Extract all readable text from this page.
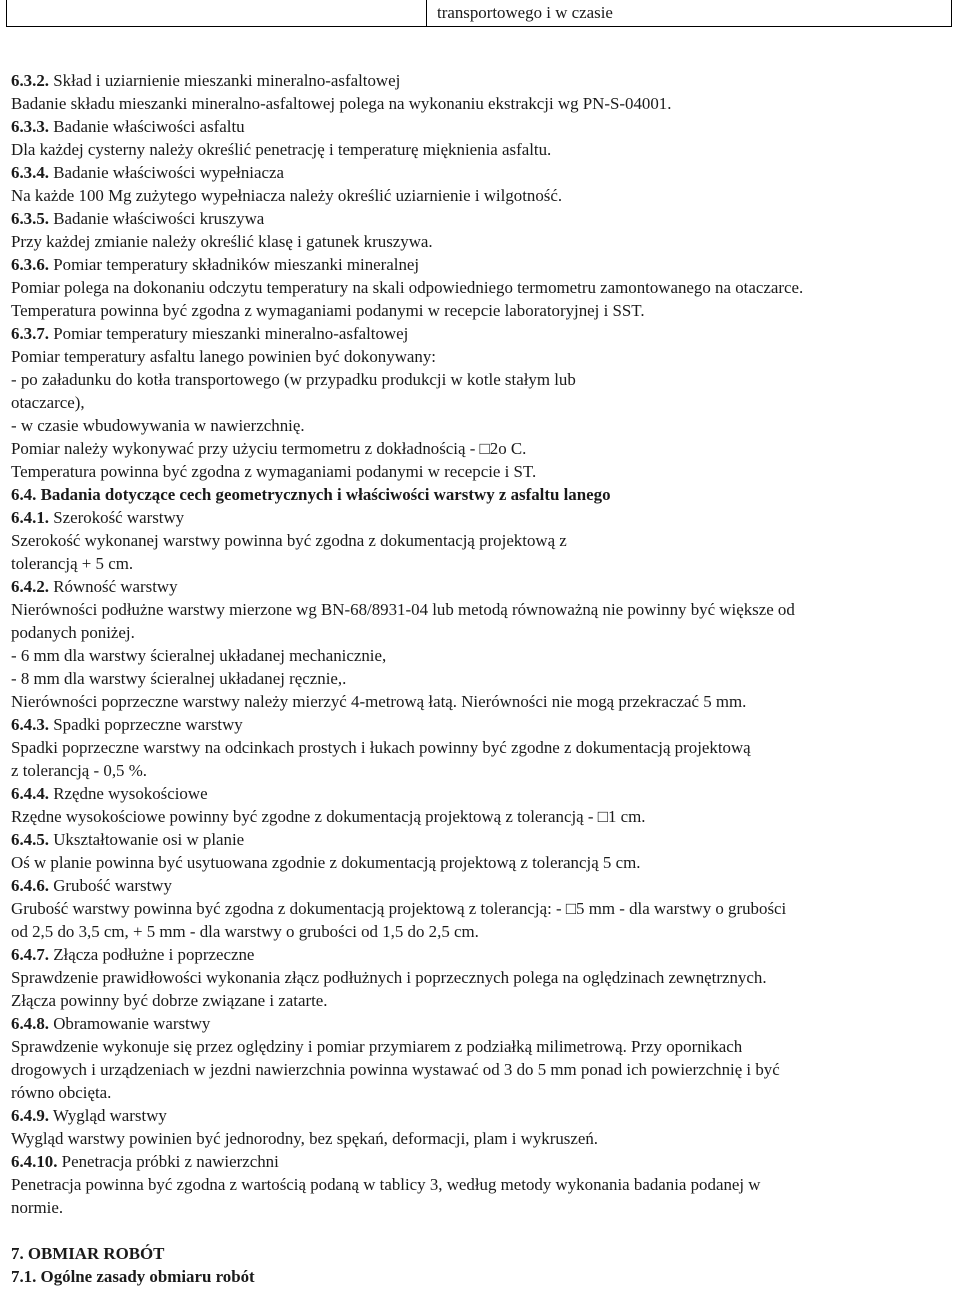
transportowego i w czasie
6.3.2. Skład i uziarnienie mieszanki mineralno-asfaltowej
Badanie składu mieszanki mineralno-asfaltowej polega na wykonaniu ekstrakcji wg PN-S-04001.
6.3.3. Badanie właściwości asfaltu
Dla każdej cysterny należy określić penetrację i temperaturę mięknienia asfaltu.
6.3.4. Badanie właściwości wypełniacza
Na każde 100 Mg zużytego wypełniacza należy określić uziarnienie i wilgotność.
6.3.5. Badanie właściwości kruszywa
Przy każdej zmianie należy określić klasę i gatunek kruszywa.
6.3.6. Pomiar temperatury składników mieszanki mineralnej
Pomiar polega na dokonaniu odczytu temperatury na skali odpowiedniego termometru zamontowanego na otaczarce.
Temperatura powinna być zgodna z wymaganiami podanymi w recepcie laboratoryjnej i SST.
6.3.7. Pomiar temperatury mieszanki mineralno-asfaltowej
Pomiar temperatury asfaltu lanego powinien być dokonywany:
- po załadunku do kotła transportowego (w przypadku produkcji w kotle stałym lub
otaczarce),
- w czasie wbudowywania w nawierzchnię.
Pomiar należy wykonywać przy użyciu termometru z dokładnością - □2o C.
Temperatura powinna być zgodna z wymaganiami podanymi w recepcie i ST.
6.4. Badania dotyczące cech geometrycznych i właściwości warstwy z asfaltu lanego
6.4.1. Szerokość warstwy
Szerokość wykonanej warstwy powinna być zgodna z dokumentacją projektową z
tolerancją + 5 cm.
6.4.2. Równość warstwy
Nierówności podłużne warstwy mierzone wg BN-68/8931-04 lub metodą równoważną nie powinny być większe od
podanych poniżej.
- 6 mm dla warstwy ścieralnej układanej mechanicznie,
- 8 mm dla warstwy ścieralnej układanej ręcznie,.
Nierówności poprzeczne warstwy należy mierzyć 4-metrową łatą. Nierówności nie mogą przekraczać 5 mm.
6.4.3. Spadki poprzeczne warstwy
Spadki poprzeczne warstwy na odcinkach prostych i łukach powinny być zgodne z dokumentacją projektową
z tolerancją - 0,5 %.
6.4.4. Rzędne wysokościowe
Rzędne wysokościowe powinny być zgodne z dokumentacją projektową z tolerancją - □1 cm.
6.4.5. Ukształtowanie osi w planie
Oś w planie powinna być usytuowana zgodnie z dokumentacją projektową z tolerancją 5 cm.
6.4.6. Grubość warstwy
Grubość warstwy powinna być zgodna z dokumentacją projektową z tolerancją: - □5 mm - dla warstwy o grubości
od 2,5 do 3,5 cm, + 5 mm - dla warstwy o grubości od 1,5 do 2,5 cm.
6.4.7. Złącza podłużne i poprzeczne
Sprawdzenie prawidłowości wykonania złącz podłużnych i poprzecznych polega na oględzinach zewnętrznych.
Złącza powinny być dobrze związane i zatarte.
6.4.8. Obramowanie warstwy
Sprawdzenie wykonuje się przez oględziny i pomiar przymiarem z podziałką milimetrową. Przy opornikach
drogowych i urządzeniach w jezdni nawierzchnia powinna wystawać od 3 do 5 mm ponad ich powierzchnię i być
równo obcięta.
6.4.9. Wygląd warstwy
Wygląd warstwy powinien być jednorodny, bez spękań, deformacji, plam i wykruszeń.
6.4.10. Penetracja próbki z nawierzchni
Penetracja powinna być zgodna z wartością podaną w tablicy 3, według metody wykonania badania podanej w
normie.
7. OBMIAR ROBÓT
7.1. Ogólne zasady obmiaru robót
